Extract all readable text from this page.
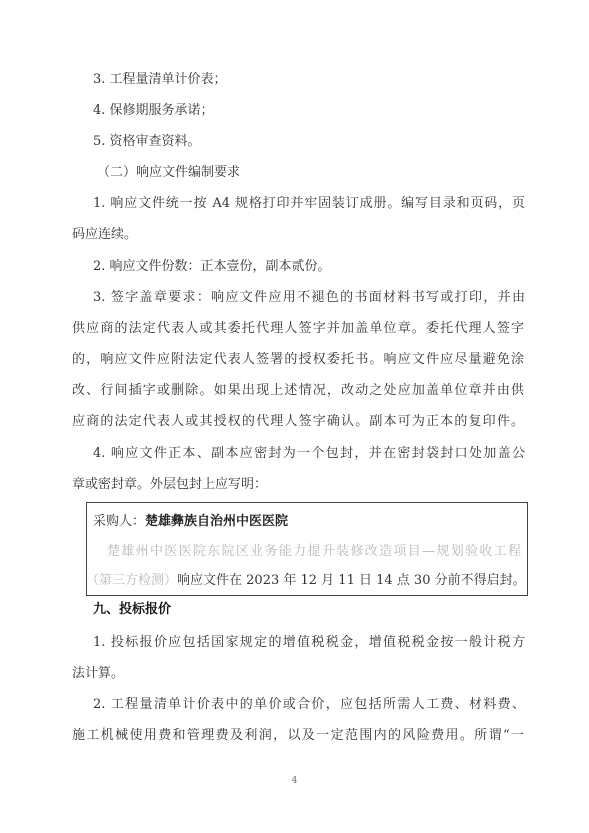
3. 工程量清单计价表；
4. 保修期服务承诺；
5. 资格审查资料。
（二）响应文件编制要求
1. 响应文件统一按 A4 规格打印并牢固装订成册。编写目录和页码，页
码应连续。
2. 响应文件份数：正本壹份，副本贰份。
3. 签字盖章要求：响应文件应用不褪色的书面材料书写或打印，并由
供应商的法定代表人或其委托代理人签字并加盖单位章。委托代理人签字
的，响应文件应附法定代表人签署的授权委托书。响应文件应尽量避免涂
改、行间插字或删除。如果出现上述情况，改动之处应加盖单位章并由供
应商的法定代表人或其授权的代理人签字确认。副本可为正本的复印件。
4. 响应文件正本、副本应密封为一个包封，并在密封袋封口处加盖公
章或密封章。外层包封上应写明：
采购人：楚雄彝族自治州中医医院
楚雄州中医医院东院区业务能力提升装修改造项目—规划验收工程
（第三方检测）响应文件在 2023 年 12 月 11 日 14 点 30 分前不得启封。
九、投标报价
1. 投标报价应包括国家规定的增值税税金，增值税税金按一般计税方
法计算。
2. 工程量清单计价表中的单价或合价，应包括所需人工费、材料费、
施工机械使用费和管理费及利润，以及一定范围内的风险费用。所谓“一
4
